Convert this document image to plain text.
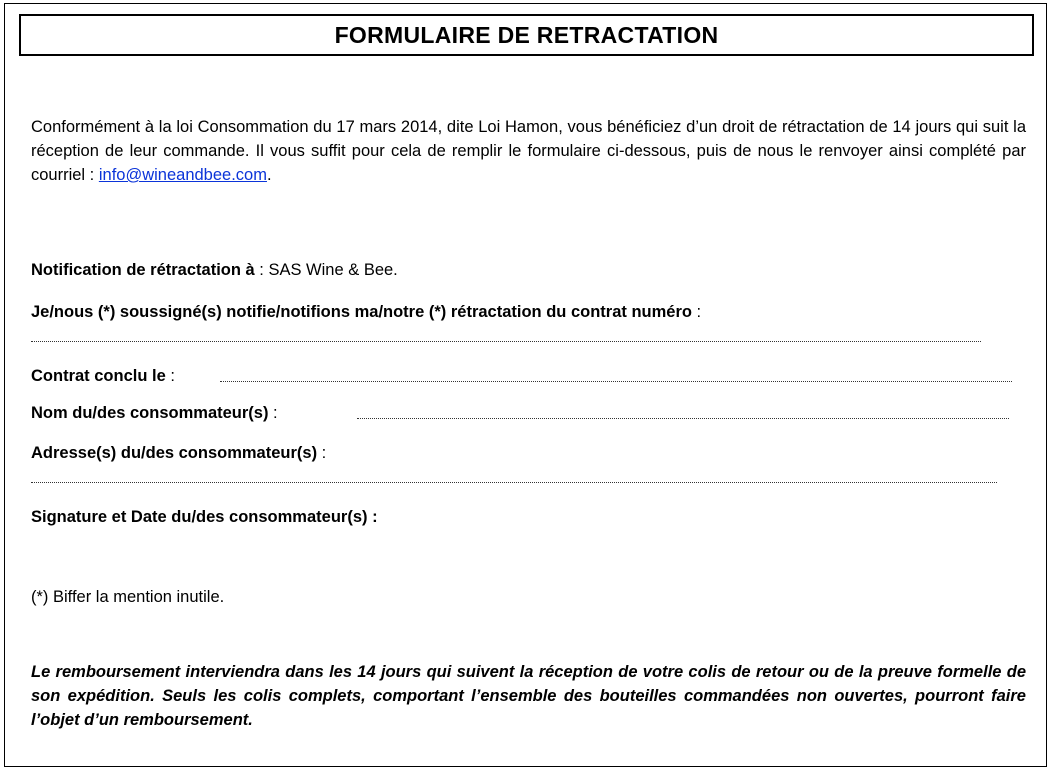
FORMULAIRE DE RETRACTATION
Conformément à la loi Consommation du 17 mars 2014, dite Loi Hamon, vous bénéficiez d’un droit de rétractation de 14 jours qui suit la réception de leur commande. Il vous suffit pour cela de remplir le formulaire ci-dessous, puis de nous le renvoyer ainsi complété par courriel : info@wineandbee.com.
Notification de rétractation à : SAS Wine & Bee.
Je/nous (*) soussigné(s) notifie/notifions ma/notre (*) rétractation du contrat numéro :
Contrat conclu le :
Nom du/des consommateur(s) :
Adresse(s) du/des consommateur(s) :
Signature et Date du/des consommateur(s) :
(*) Biffer la mention inutile.
Le remboursement interviendra dans les 14 jours qui suivent la réception de votre colis de retour ou de la preuve formelle de son expédition. Seuls les colis complets, comportant l’ensemble des bouteilles commandées non ouvertes, pourront faire l’objet d’un remboursement.
